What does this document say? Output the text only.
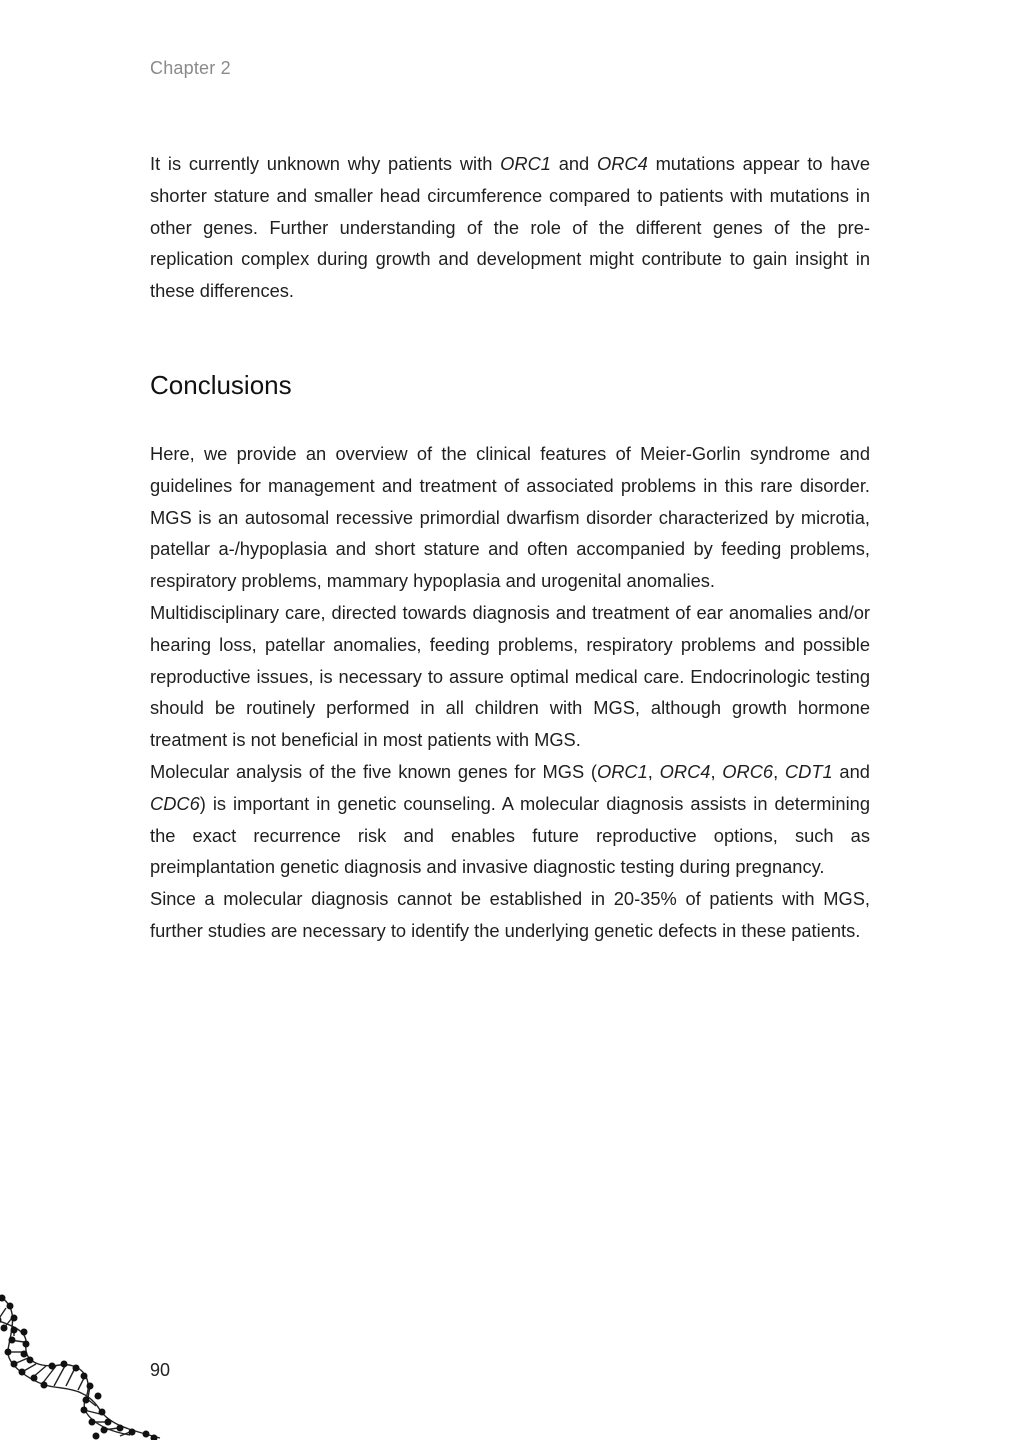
Chapter 2

It is currently unknown why patients with ORC1 and ORC4 mutations appear to have shorter stature and smaller head circumference compared to patients with mutations in other genes. Further understanding of the role of the different genes of the pre-replication complex during growth and development might contribute to gain insight in these differences.

Conclusions

Here, we provide an overview of the clinical features of Meier-Gorlin syndrome and guidelines for management and treatment of associated problems in this rare disorder. MGS is an autosomal recessive primordial dwarfism disorder characterized by microtia, patellar a-/hypoplasia and short stature and often accompanied by feeding problems, respiratory problems, mammary hypoplasia and urogenital anomalies.

Multidisciplinary care, directed towards diagnosis and treatment of ear anomalies and/or hearing loss, patellar anomalies, feeding problems, respiratory problems and possible reproductive issues, is necessary to assure optimal medical care. Endocrinologic testing should be routinely performed in all children with MGS, although growth hormone treatment is not beneficial in most patients with MGS.

Molecular analysis of the five known genes for MGS (ORC1, ORC4, ORC6, CDT1 and CDC6) is important in genetic counseling. A molecular diagnosis assists in determining the exact recurrence risk and enables future reproductive options, such as preimplantation genetic diagnosis and invasive diagnostic testing during pregnancy.

Since a molecular diagnosis cannot be established in 20-35% of patients with MGS, further studies are necessary to identify the underlying genetic defects in these patients.

90
